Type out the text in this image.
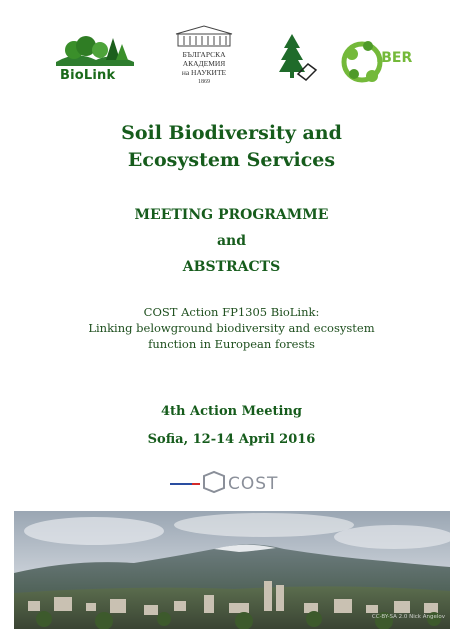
BioLink
БЪЛГАРСКА
АКАДЕМИЯ
на НАУКИТЕ
1869
IBER
Soil Biodiversity and
Ecosystem Services
MEETING PROGRAMME
and
ABSTRACTS
COST Action FP1305 BioLink:
Linking belowground biodiversity and ecosystem
function in European forests
4th Action Meeting
Sofia, 12-14 April 2016
COST
CC-BY-SA 2.0 Nick Angelov
